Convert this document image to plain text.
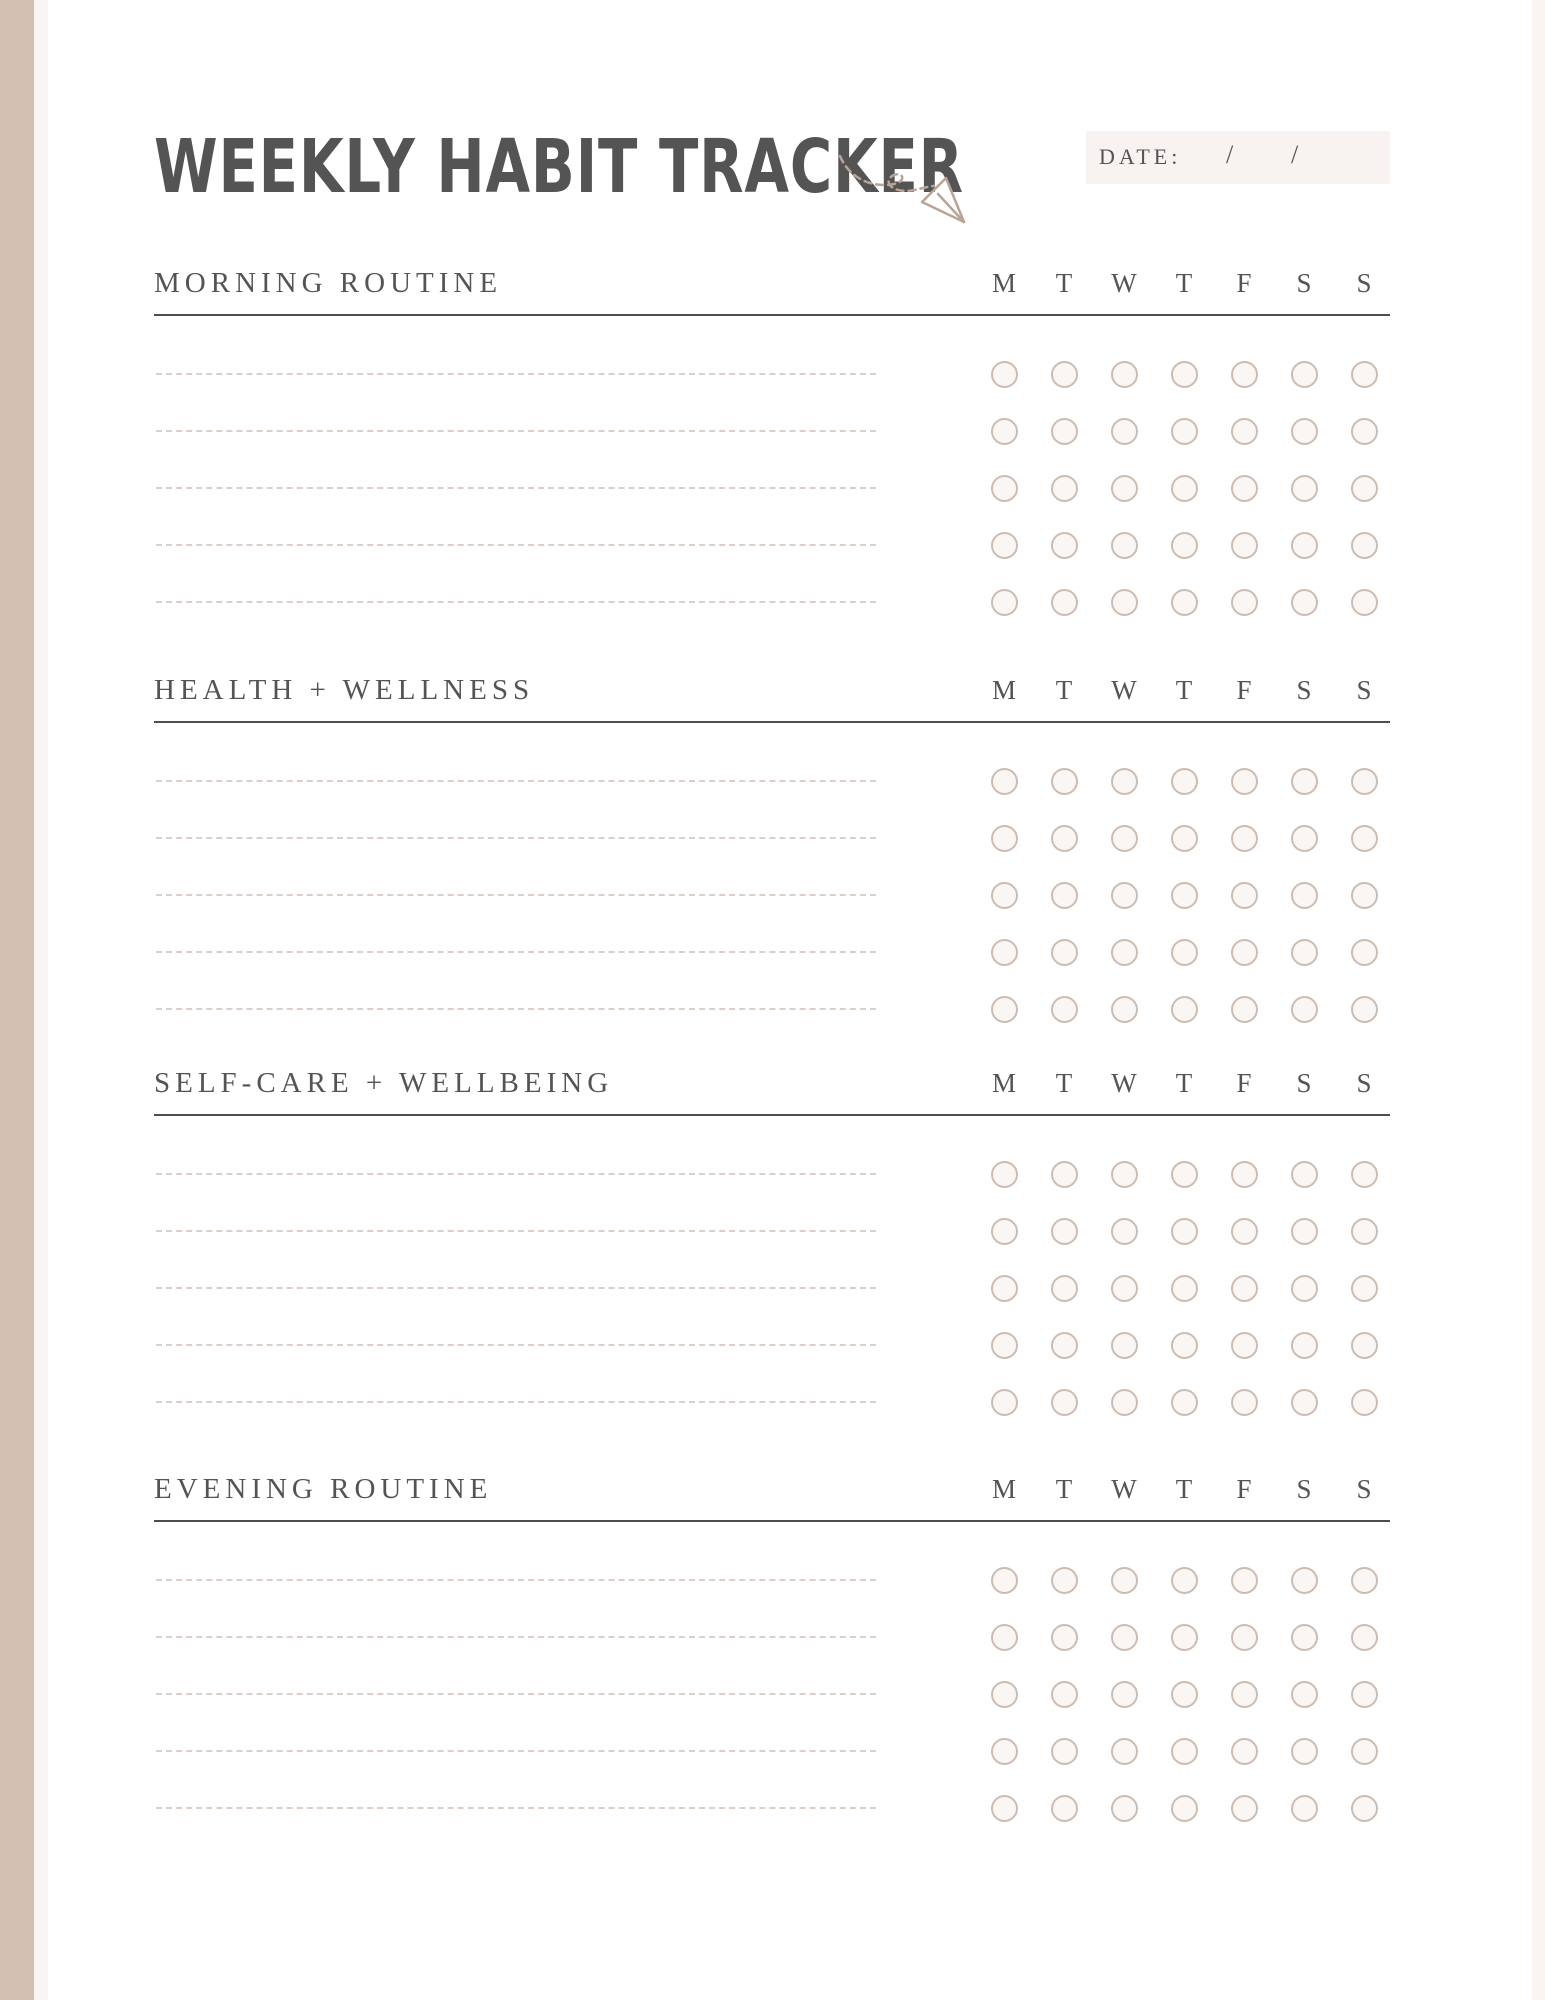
WEEKLY HABIT TRACKER	DATE: / /
MORNING ROUTINE	M	T	W	T	F	S	S
HEALTH + WELLNESS	M	T	W	T	F	S	S
SELF-CARE + WELLBEING	M	T	W	T	F	S	S
EVENING ROUTINE	M	T	W	T	F	S	S
